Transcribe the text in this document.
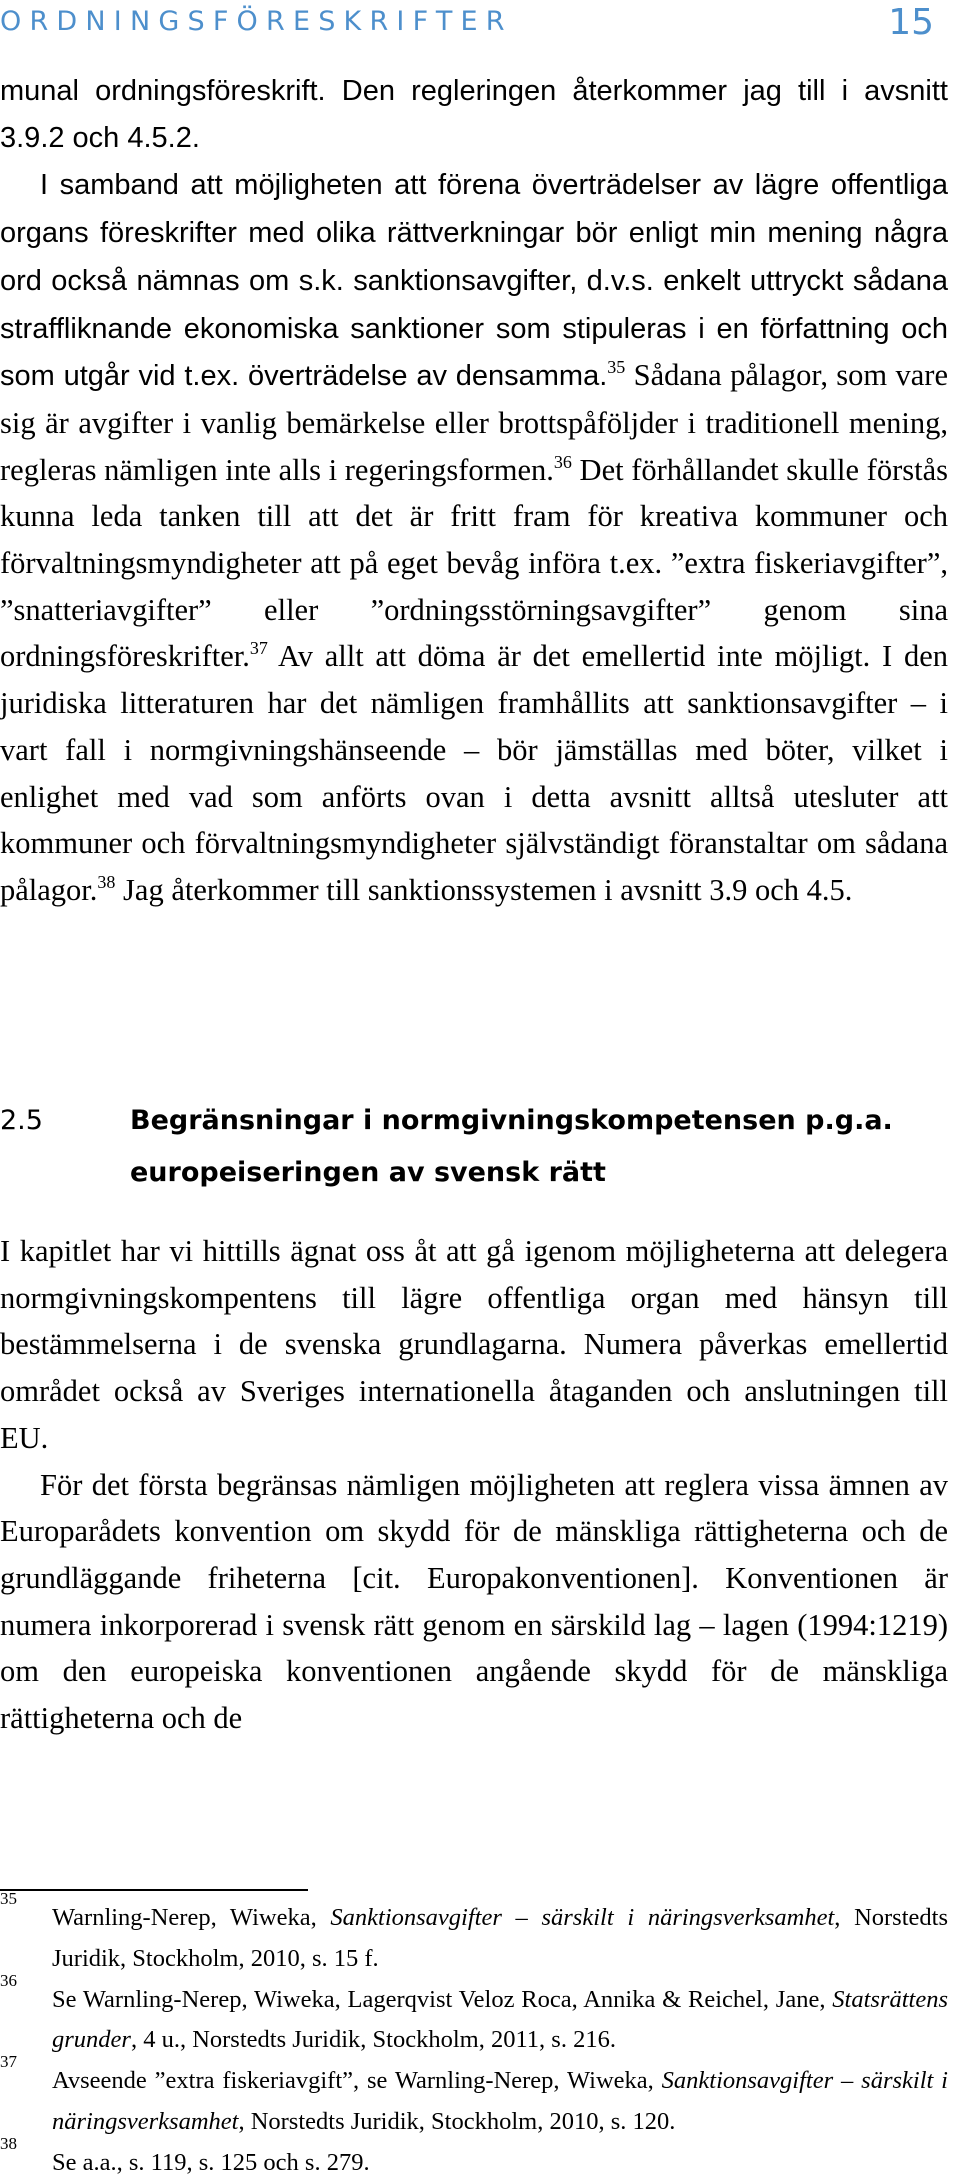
ORDNINGSFÖRESKRIFTER	15

munal ordningsföreskrift. Den regleringen återkommer jag till i avsnitt 3.9.2 och 4.5.2.

I samband att möjligheten att förena överträdelser av lägre offentliga organs föreskrifter med olika rättverkningar bör enligt min mening några ord också nämnas om s.k. sanktionsavgifter, d.v.s. enkelt uttryckt sådana straffliknande ekonomiska sanktioner som stipuleras i en författning och som utgår vid t.ex. överträdelse av densamma.$^{35}$ Sådana pålagor, som vare sig är avgifter i vanlig bemärkelse eller brottspåföljder i traditionell mening, regleras nämligen inte alls i regeringsformen.$^{36}$ Det förhållandet skulle förstås kunna leda tanken till att det är fritt fram för kreativa kommuner och förvaltningsmyndigheter att på eget bevåg införa t.ex. ”extra fiskeriavgifter”, ”snatteriavgifter” eller ”ordningsstörningsavgifter” genom sina ordningsföreskrifter.$^{37}$ Av allt att döma är det emellertid inte möjligt. I den juridiska litteraturen har det nämligen framhållits att sanktionsavgifter – i vart fall i normgivningshänseende – bör jämställas med böter, vilket i enlighet med vad som anförts ovan i detta avsnitt alltså utesluter att kommuner och förvaltningsmyndigheter självständigt föranstaltar om sådana pålagor.$^{38}$ Jag återkommer till sanktionssystemen i avsnitt 3.9 och 4.5.

2.5	Begränsningar i normgivningskompetensen p.g.a. europeiseringen av svensk rätt

I kapitlet har vi hittills ägnat oss åt att gå igenom möjligheterna att delegera normgivningskompentens till lägre offentliga organ med hänsyn till bestämmelserna i de svenska grundlagarna. Numera påverkas emellertid området också av Sveriges internationella åtaganden och anslutningen till EU.

För det första begränsas nämligen möjligheten att reglera vissa ämnen av Europarådets konvention om skydd för de mänskliga rättigheterna och de grundläggande friheterna [cit. Europakonventionen]. Konventionen är numera inkorporerad i svensk rätt genom en särskild lag – lagen (1994:1219) om den europeiska konventionen angående skydd för de mänskliga rättigheterna och de

35
Warnling-Nerep, Wiweka, Sanktionsavgifter – särskilt i näringsverksamhet, Norstedts Juridik, Stockholm, 2010, s. 15 f.
36
Se Warnling-Nerep, Wiweka, Lagerqvist Veloz Roca, Annika & Reichel, Jane, Statsrättens grunder, 4 u., Norstedts Juridik, Stockholm, 2011, s. 216.
37
Avseende ”extra fiskeriavgift”, se Warnling-Nerep, Wiweka, Sanktionsavgifter – särskilt i näringsverksamhet, Norstedts Juridik, Stockholm, 2010, s. 120.
38
Se a.a., s. 119, s. 125 och s. 279.
